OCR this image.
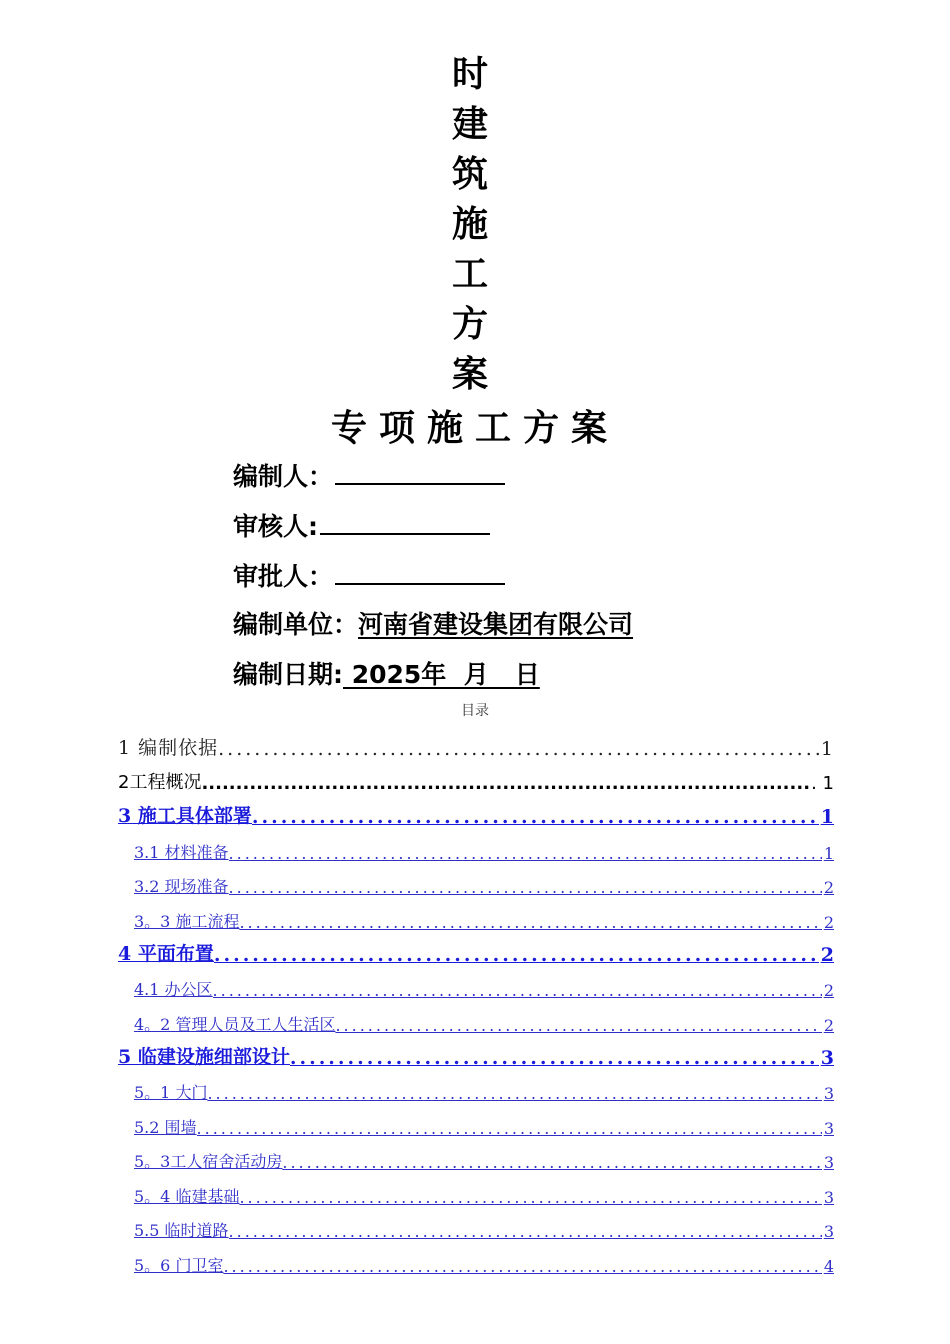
时
建
筑
施
工
方
案
专项施工方案
编制人：
审核人:
审批人：
编制单位：河南省建设集团有限公司
编制日期: 2025年  月   日
目录
1 编制依据 .....	1
2工程概况 .....	. 1
3 施工具体部署 .....	1
3.1 材料准备 .....	1
3.2 现场准备 .....	2
3。3 施工流程 .....	2
4 平面布置 .....	2
4.1 办公区 .....	2
4。2 管理人员及工人生活区 .....	2
5 临建设施细部设计 .....	3
5。1 大门 .....	3
5.2 围墙 .....	3
5。3工人宿舍活动房 .....	3
5。4 临建基础 .....	3
5.5 临时道路 .....	3
5。6 门卫室 .....	4
